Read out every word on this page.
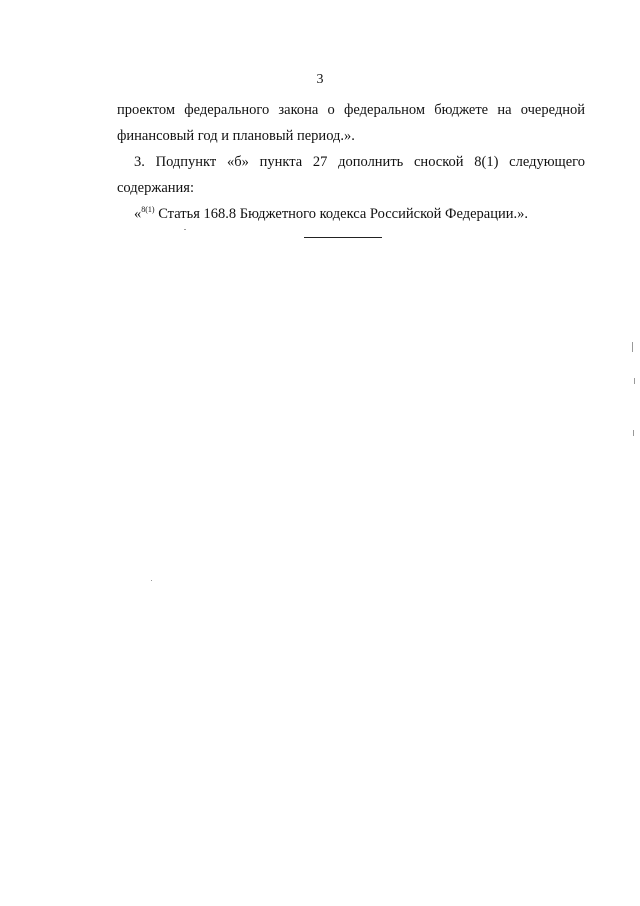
3
проектом федерального закона о федеральном бюджете на очередной
финансовый год и плановый период.».
3. Подпункт «б» пункта 27 дополнить сноской 8(1) следующего
содержания:
«$^{8(1)}$ Статья 168.8 Бюджетного кодекса Российской Федерации.».
